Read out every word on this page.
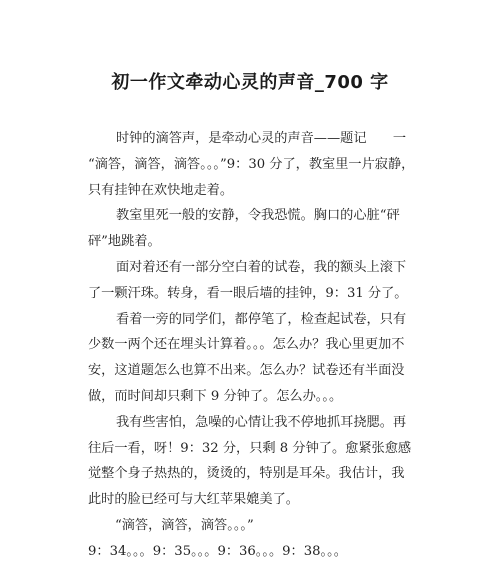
初一作文牵动心灵的声音_700 字
时钟的滴答声，是牵动心灵的声音——题记　　一
“滴答，滴答，滴答。。。”9：30 分了，教室里一片寂静，
只有挂钟在欢快地走着。
教室里死一般的安静，令我恐慌。胸口的心脏“砰
砰”地跳着。
面对着还有一部分空白着的试卷，我的额头上滚下
了一颗汗珠。转身，看一眼后墙的挂钟，9：31 分了。
看着一旁的同学们，都停笔了，检查起试卷，只有
少数一两个还在埋头计算着。。。怎么办？我心里更加不
安，这道题怎么也算不出来。怎么办？试卷还有半面没
做，而时间却只剩下 9 分钟了。怎么办。。。
我有些害怕，急噪的心情让我不停地抓耳挠腮。再
往后一看，呀！9：32 分，只剩 8 分钟了。愈紧张愈感
觉整个身子热热的，烫烫的，特别是耳朵。我估计，我
此时的脸已经可与大红苹果媲美了。
“滴答，滴答，滴答。。。”
9：34。。。9：35。。。9：36。。。9：38。。。
